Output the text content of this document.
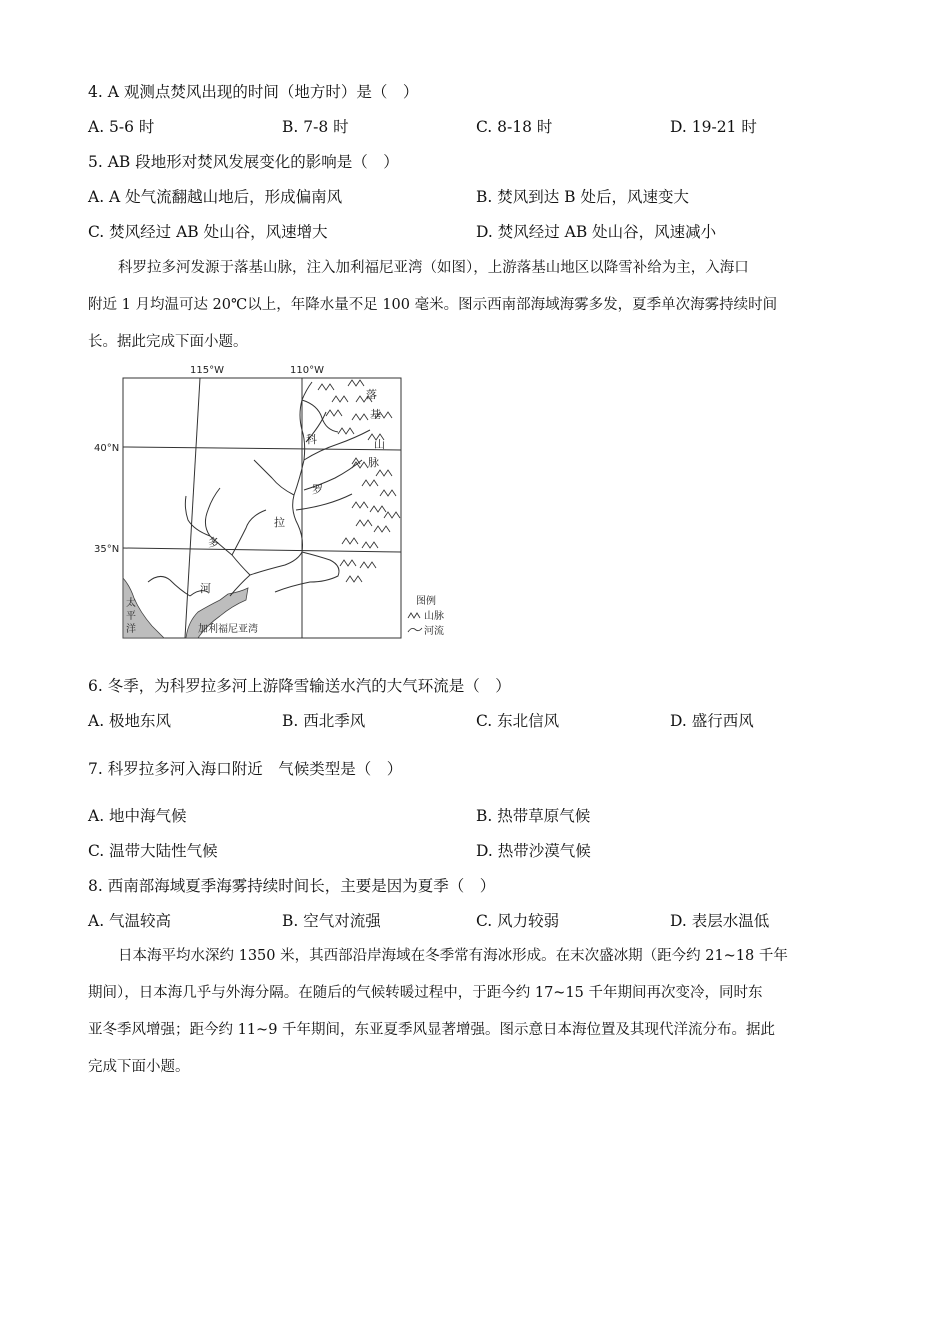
4. A 观测点焚风出现的时间（地方时）是（　）
A. 5-6 时	B. 7-8 时	C. 8-18 时	D. 19-21 时
5. AB 段地形对焚风发展变化的影响是（　）
A. A 处气流翻越山地后，形成偏南风	B. 焚风到达 B 处后，风速变大
C. 焚风经过 AB 处山谷，风速增大	D. 焚风经过 AB 处山谷，风速减小
科罗拉多河发源于落基山脉，注入加利福尼亚湾（如图），上游落基山地区以降雪补给为主，入海口
附近 1 月均温可达 20℃以上，年降水量不足 100 毫米。图示西南部海域海雾多发，夏季单次海雾持续时间
长。据此完成下面小题。
115°W	110°W
40°N
35°N
落
基
山
脉
科
罗
拉
多
河
太
平
洋	加利福尼亚湾
图例
山脉
河流
6. 冬季，为科罗拉多河上游降雪输送水汽的大气环流是（　）
A. 极地东风	B. 西北季风	C. 东北信风	D. 盛行西风
7. 科罗拉多河入海口附近　气候类型是（　）
A. 地中海气候	B. 热带草原气候
C. 温带大陆性气候	D. 热带沙漠气候
8. 西南部海域夏季海雾持续时间长，主要是因为夏季（　）
A. 气温较高	B. 空气对流强	C. 风力较弱	D. 表层水温低
日本海平均水深约 1350 米，其西部沿岸海域在冬季常有海冰形成。在末次盛冰期（距今约 21~18 千年
期间），日本海几乎与外海分隔。在随后的气候转暖过程中，于距今约 17~15 千年期间再次变冷，同时东
亚冬季风增强；距今约 11~9 千年期间，东亚夏季风显著增强。图示意日本海位置及其现代洋流分布。据此
完成下面小题。
